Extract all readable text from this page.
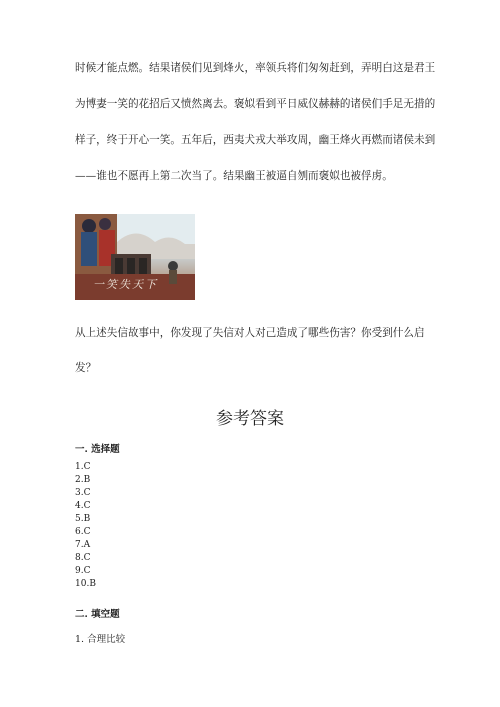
时候才能点燃。结果诸侯们见到烽火，率领兵将们匆匆赶到，弄明白这是君王

为博妻一笑的花招后又愤然离去。褒姒看到平日威仪赫赫的诸侯们手足无措的

样子，终于开心一笑。五年后，西夷犬戎大举攻周，幽王烽火再燃而诸侯未到

——谁也不愿再上第二次当了。结果幽王被逼自刎而褒姒也被俘虏。

一笑失天下

从上述失信故事中，你发现了失信对人对己造成了哪些伤害？你受到什么启

发？

参考答案

一. 选择题

1.C
2.B
3.C
4.C
5.B
6.C
7.A
8.C
9.C
10.B

二. 填空题

1. 合理比较
